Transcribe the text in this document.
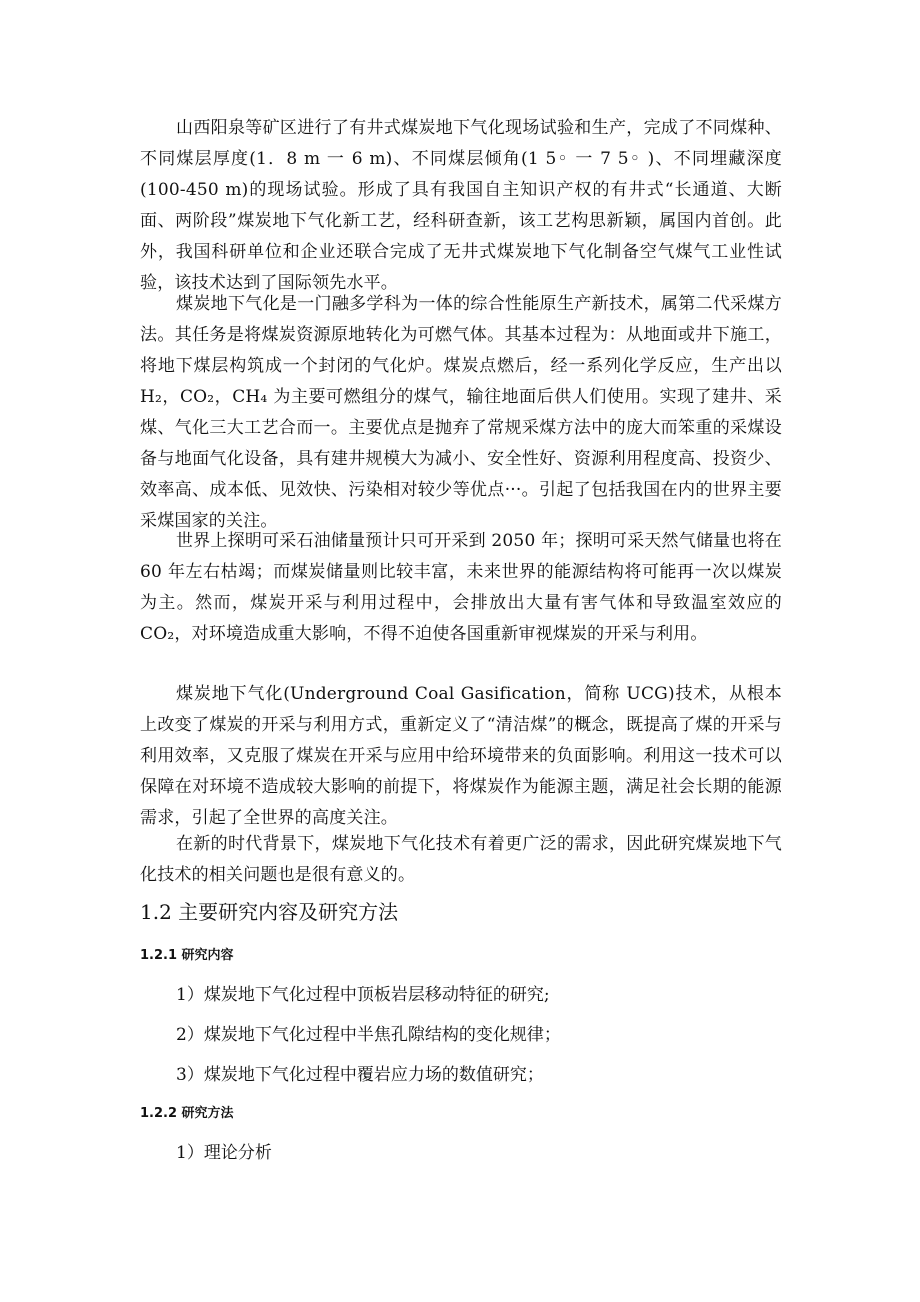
山西阳泉等矿区进行了有井式煤炭地下气化现场试验和生产，完成了不同煤种、不同煤层厚度(1．8 m 一 6 m)、不同煤层倾角(1 5◦ 一 7 5◦ )、不同埋藏深度(100-450 m)的现场试验。形成了具有我国自主知识产权的有井式“长通道、大断面、两阶段”煤炭地下气化新工艺，经科研查新，该工艺构思新颖，属国内首创。此外，我国科研单位和企业还联合完成了无井式煤炭地下气化制备空气煤气工业性试验，该技术达到了国际领先水平。

煤炭地下气化是一门融多学科为一体的综合性能原生产新技术，属第二代采煤方法。其任务是将煤炭资源原地转化为可燃气体。其基本过程为：从地面或井下施工，将地下煤层构筑成一个封闭的气化炉。煤炭点燃后，经一系列化学反应，生产出以 H₂，CO₂，CH₄ 为主要可燃组分的煤气，输往地面后供人们使用。实现了建井、采煤、气化三大工艺合而一。主要优点是抛弃了常规采煤方法中的庞大而笨重的采煤设备与地面气化设备，具有建井规模大为减小、安全性好、资源利用程度高、投资少、效率高、成本低、见效快、污染相对较少等优点···。引起了包括我国在内的世界主要采煤国家的关注。

世界上探明可采石油储量预计只可开采到 2050 年；探明可采天然气储量也将在 60 年左右枯竭；而煤炭储量则比较丰富，未来世界的能源结构将可能再一次以煤炭为主。然而，煤炭开采与利用过程中，会排放出大量有害气体和导致温室效应的 CO₂，对环境造成重大影响，不得不迫使各国重新审视煤炭的开采与利用。

煤炭地下气化(Underground Coal Gasification，简称 UCG)技术，从根本上改变了煤炭的开采与利用方式，重新定义了“清洁煤”的概念，既提高了煤的开采与利用效率，又克服了煤炭在开采与应用中给环境带来的负面影响。利用这一技术可以保障在对环境不造成较大影响的前提下，将煤炭作为能源主题，满足社会长期的能源需求，引起了全世界的高度关注。

在新的时代背景下，煤炭地下气化技术有着更广泛的需求，因此研究煤炭地下气化技术的相关问题也是很有意义的。

1.2 主要研究内容及研究方法
1.2.1 研究内容

1）煤炭地下气化过程中顶板岩层移动特征的研究;

2）煤炭地下气化过程中半焦孔隙结构的变化规律；

3）煤炭地下气化过程中覆岩应力场的数值研究；

1.2.2 研究方法

1）理论分析
